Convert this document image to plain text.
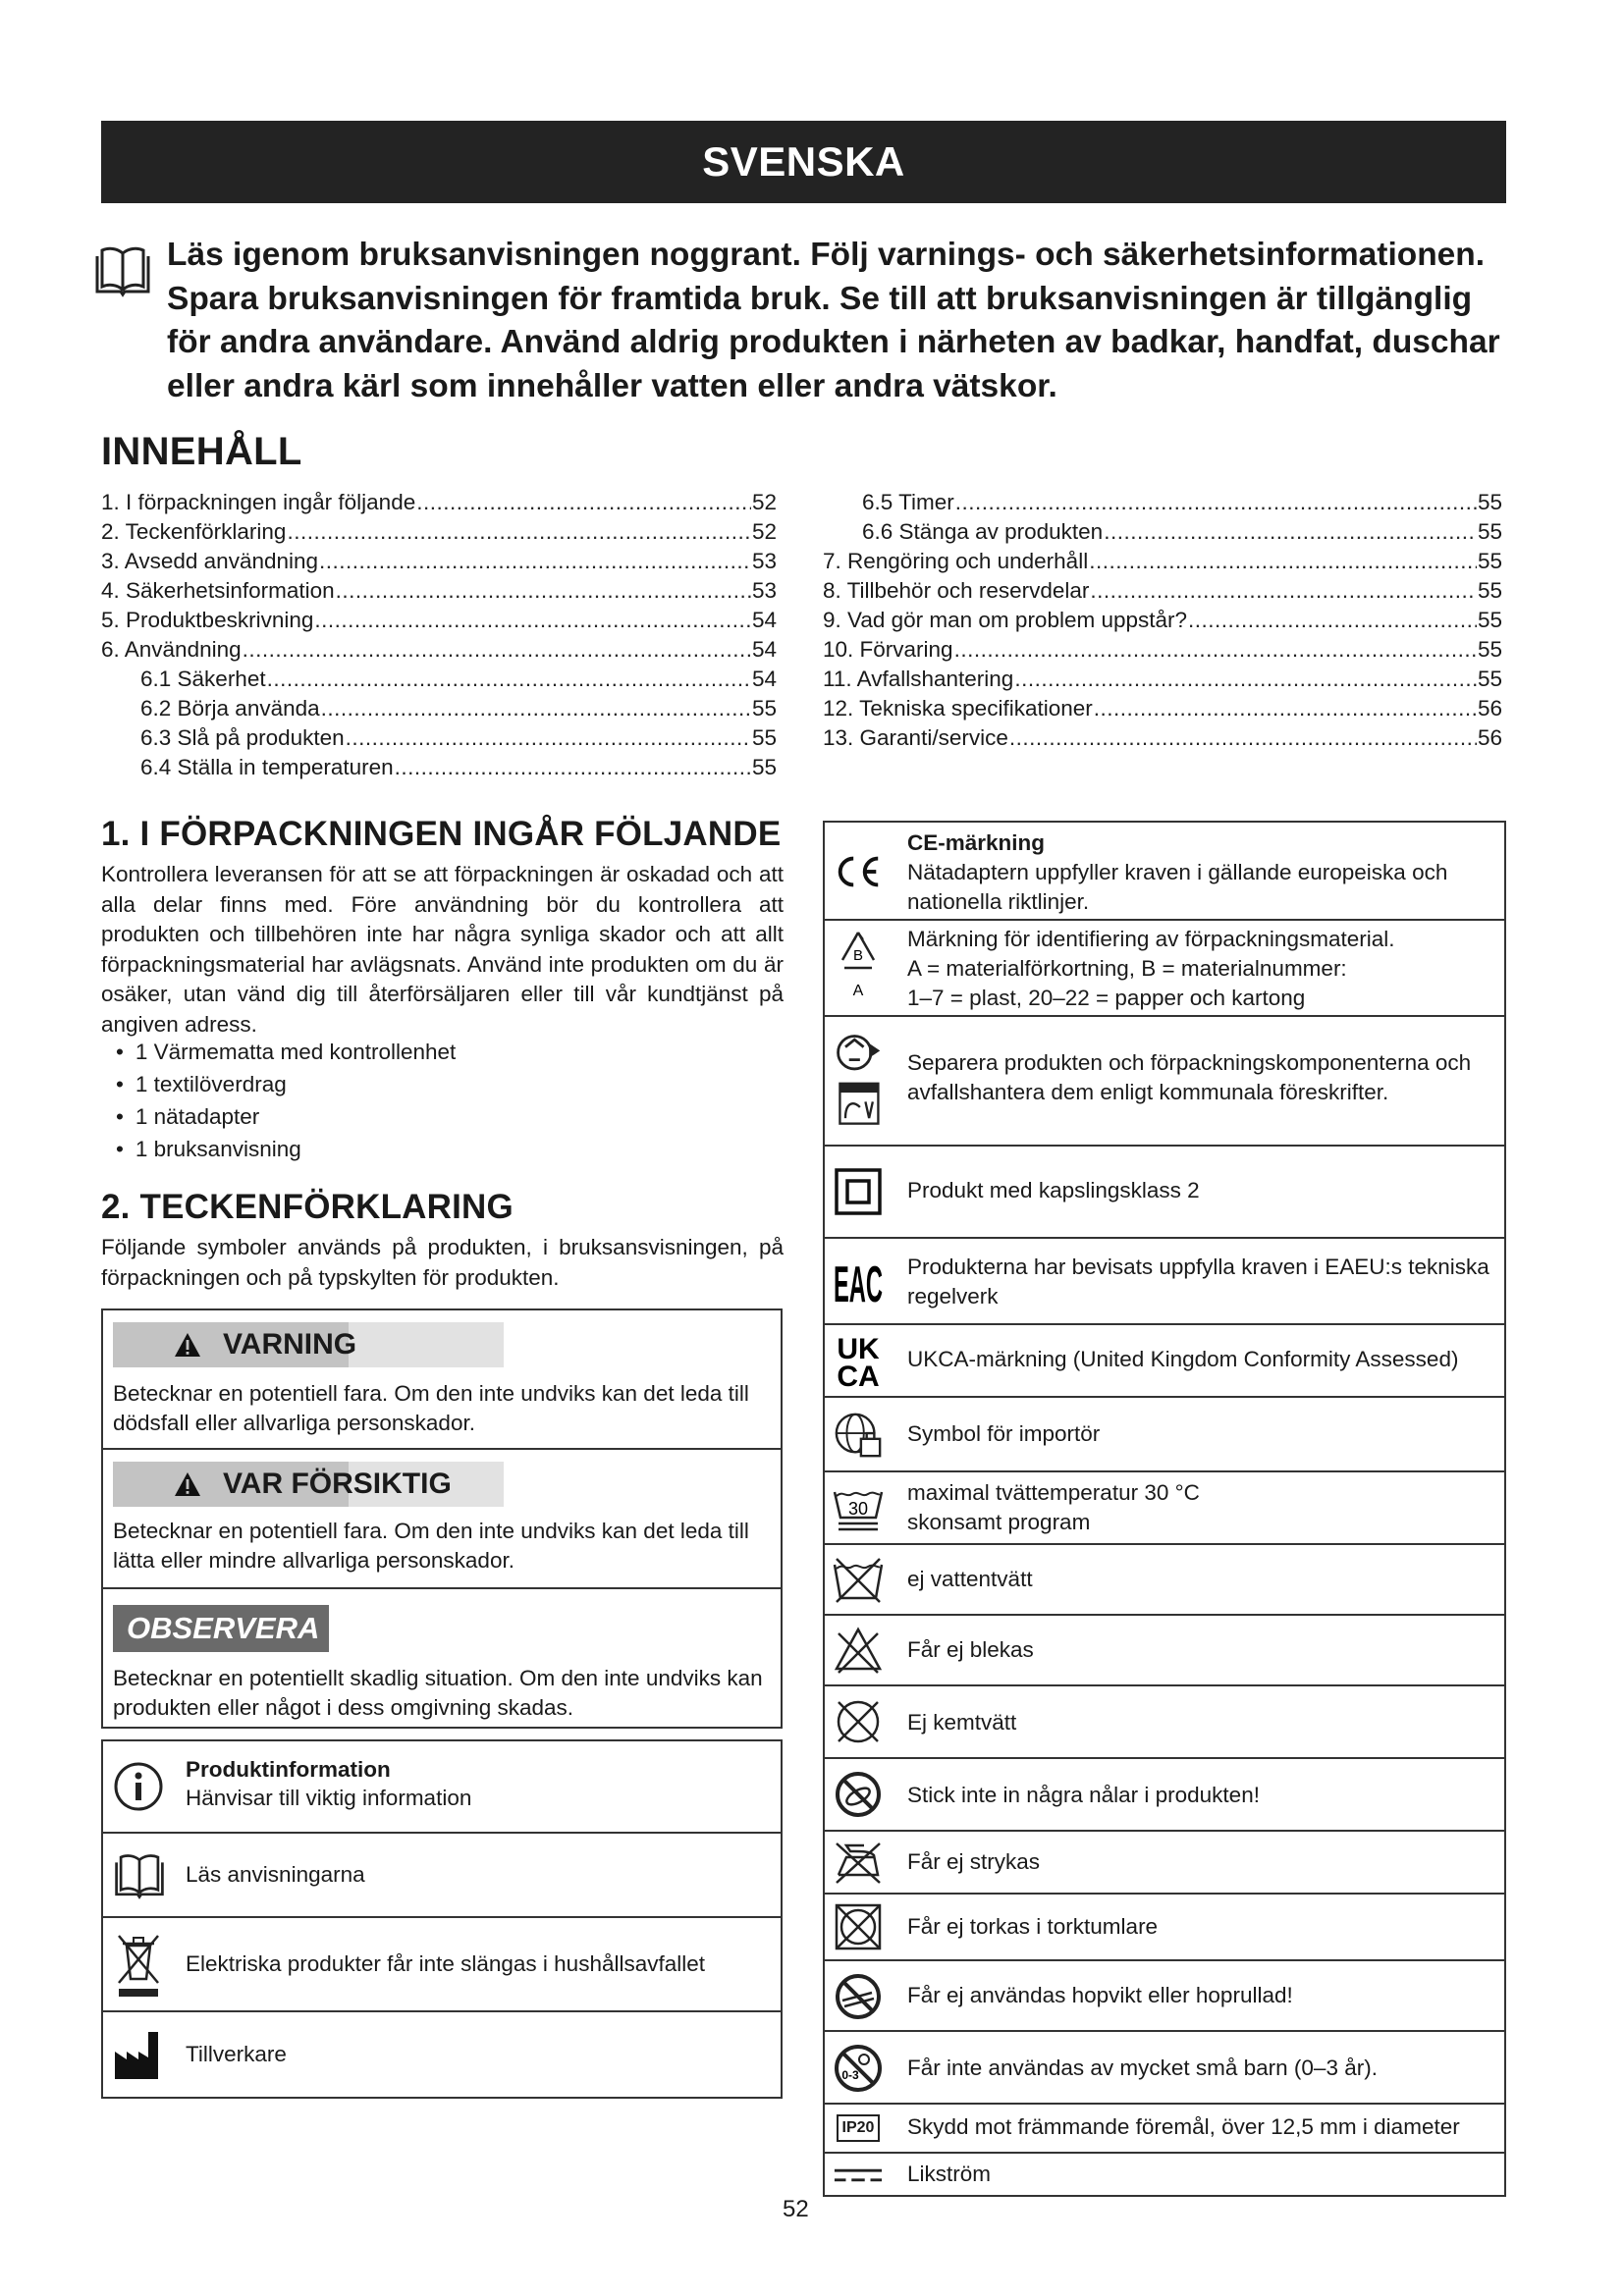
SVENSKA
Läs igenom bruksanvisningen noggrant. Följ varnings- och säkerhetsinformationen. Spara bruksanvisningen för framtida bruk. Se till att bruksanvisningen är tillgänglig för andra användare. Använd aldrig produkten i närheten av badkar, handfat, duschar eller andra kärl som innehåller vatten eller andra vätskor.
INNEHÅLL
1. I förpackningen ingår följande .....	52
2. Teckenförklaring .....	52
3. Avsedd användning .....	53
4. Säkerhetsinformation .....	53
5. Produktbeskrivning .....	54
6. Användning .....	54
6.1 Säkerhet .....	54
6.2 Börja använda .....	55
6.3 Slå på produkten .....	55
6.4 Ställa in temperaturen .....	55
6.5 Timer .....	55
6.6 Stänga av produkten .....	55
7. Rengöring och underhåll .....	55
8. Tillbehör och reservdelar .....	55
9. Vad gör man om problem uppstår? .....	55
10. Förvaring .....	55
11. Avfallshantering .....	55
12. Tekniska specifikationer .....	56
13. Garanti/service .....	56
1. I FÖRPACKNINGEN INGÅR FÖLJANDE
Kontrollera leveransen för att se att förpackningen är oskadad och att alla delar finns med. Före användning bör du kontrollera att produkten och tillbehören inte har några synliga skador och att allt förpackningsmaterial har avlägsnats. Använd inte produkten om du är osäker, utan vänd dig till återförsäljaren eller till vår kundtjänst på angiven adress.
• 1 Värmematta med kontrollenhet
• 1 textilöverdrag
• 1 nätadapter
• 1 bruksanvisning
2. TECKENFÖRKLARING
Följande symboler används på produkten, i bruksansvisningen, på förpackningen och på typskylten för produkten.
VARNING
Betecknar en potentiell fara. Om den inte undviks kan det leda till dödsfall eller allvarliga personskador.
VAR FÖRSIKTIG
Betecknar en potentiell fara. Om den inte undviks kan det leda till lätta eller mindre allvarliga personskador.
OBSERVERA
Betecknar en potentiellt skadlig situation. Om den inte undviks kan produkten eller något i dess omgivning skadas.
Produktinformation
Hänvisar till viktig information
Läs anvisningarna
Elektriska produkter får inte slängas i hushållsavfallet
Tillverkare
CE-märkning
Nätadaptern uppfyller kraven i gällande europeiska och nationella riktlinjer.
B
A
Märkning för identifiering av förpackningsmaterial.
A = materialförkortning, B = materialnummer:
1–7 = plast, 20–22 = papper och kartong
Separera produkten och förpackningskomponenterna och avfallshantera dem enligt kommunala föreskrifter.
Produkt med kapslingsklass 2
EAC Produkterna har bevisats uppfylla kraven i EAEU:s tekniska regelverk
UK
CA
UKCA-märkning (United Kingdom Conformity Assessed)
Symbol för importör
30
maximal tvättemperatur 30 °C
skonsamt program
ej vattentvätt
Får ej blekas
Ej kemtvätt
Stick inte in några nålar i produkten!
Får ej strykas
Får ej torkas i torktumlare
Får ej användas hopvikt eller hoprullad!
0-3 Får inte användas av mycket små barn (0–3 år).
IP20 Skydd mot främmande föremål, över 12,5 mm i diameter
Likström
52
